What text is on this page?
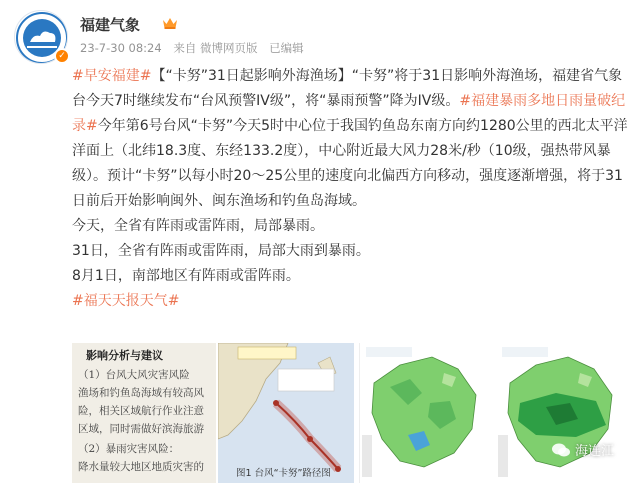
✓
福建气象
23-7-30 08:24 来自 微博网页版 已编辑

#早安福建#【“卡努”31日起影响外海渔场】“卡努”将于31日影响外海渔场，福建省气象台今天7时继续发布“台风预警IV级”，将“暴雨预警”降为IV级。#福建暴雨多地日雨量破纪录#今年第6号台风“卡努”今天5时中心位于我国钓鱼岛东南方向约1280公里的西北太平洋洋面上（北纬18.3度、东经133.2度），中心附近最大风力28米/秒（10级，强热带风暴级）。预计“卡努”以每小时20～25公里的速度向北偏西方向移动，强度逐渐增强，将于31日前后开始影响闽外、闽东渔场和钓鱼岛海域。

今天，全省有阵雨或雷阵雨，局部暴雨。

31日，全省有阵雨或雷阵雨，局部大雨到暴雨。

8月1日，南部地区有阵雨或雷阵雨。

#福天天报天气#

影响分析与建议
（1）台风大风灾害风险
渔场和钓鱼岛海域有较高风
险，相关区域航行作业注意
区域，同时需做好滨海旅游
（2）暴雨灾害风险：
降水量较大地区地质灾害的
图1 台风“卡努”路径图
海连江
